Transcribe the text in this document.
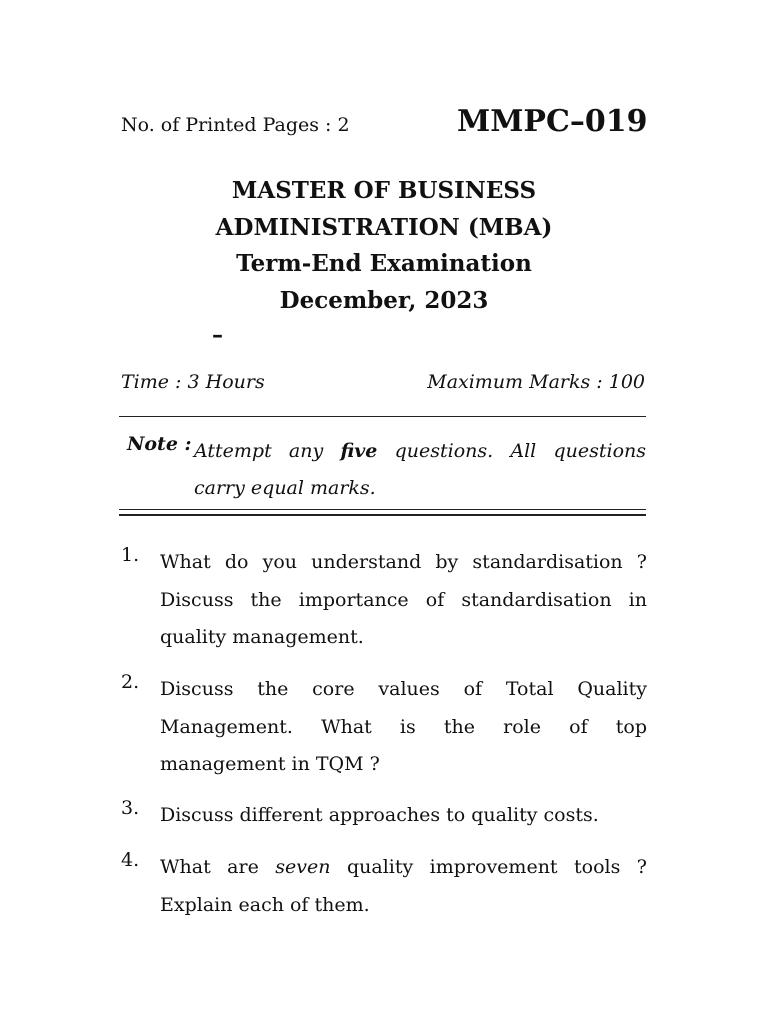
No. of Printed Pages : 2	MMPC–019
MASTER OF BUSINESS
ADMINISTRATION (MBA)
Term-End Examination
December, 2023
–
Time : 3 Hours	Maximum Marks : 100
Note : Attempt any five questions. All questions
carry equal marks.
1. What do you understand by standardisation ?
Discuss the importance of standardisation in
quality management.
2. Discuss the core values of Total Quality
Management. What is the role of top
management in TQM ?
3. Discuss different approaches to quality costs.
4. What are seven quality improvement tools ?
Explain each of them.
